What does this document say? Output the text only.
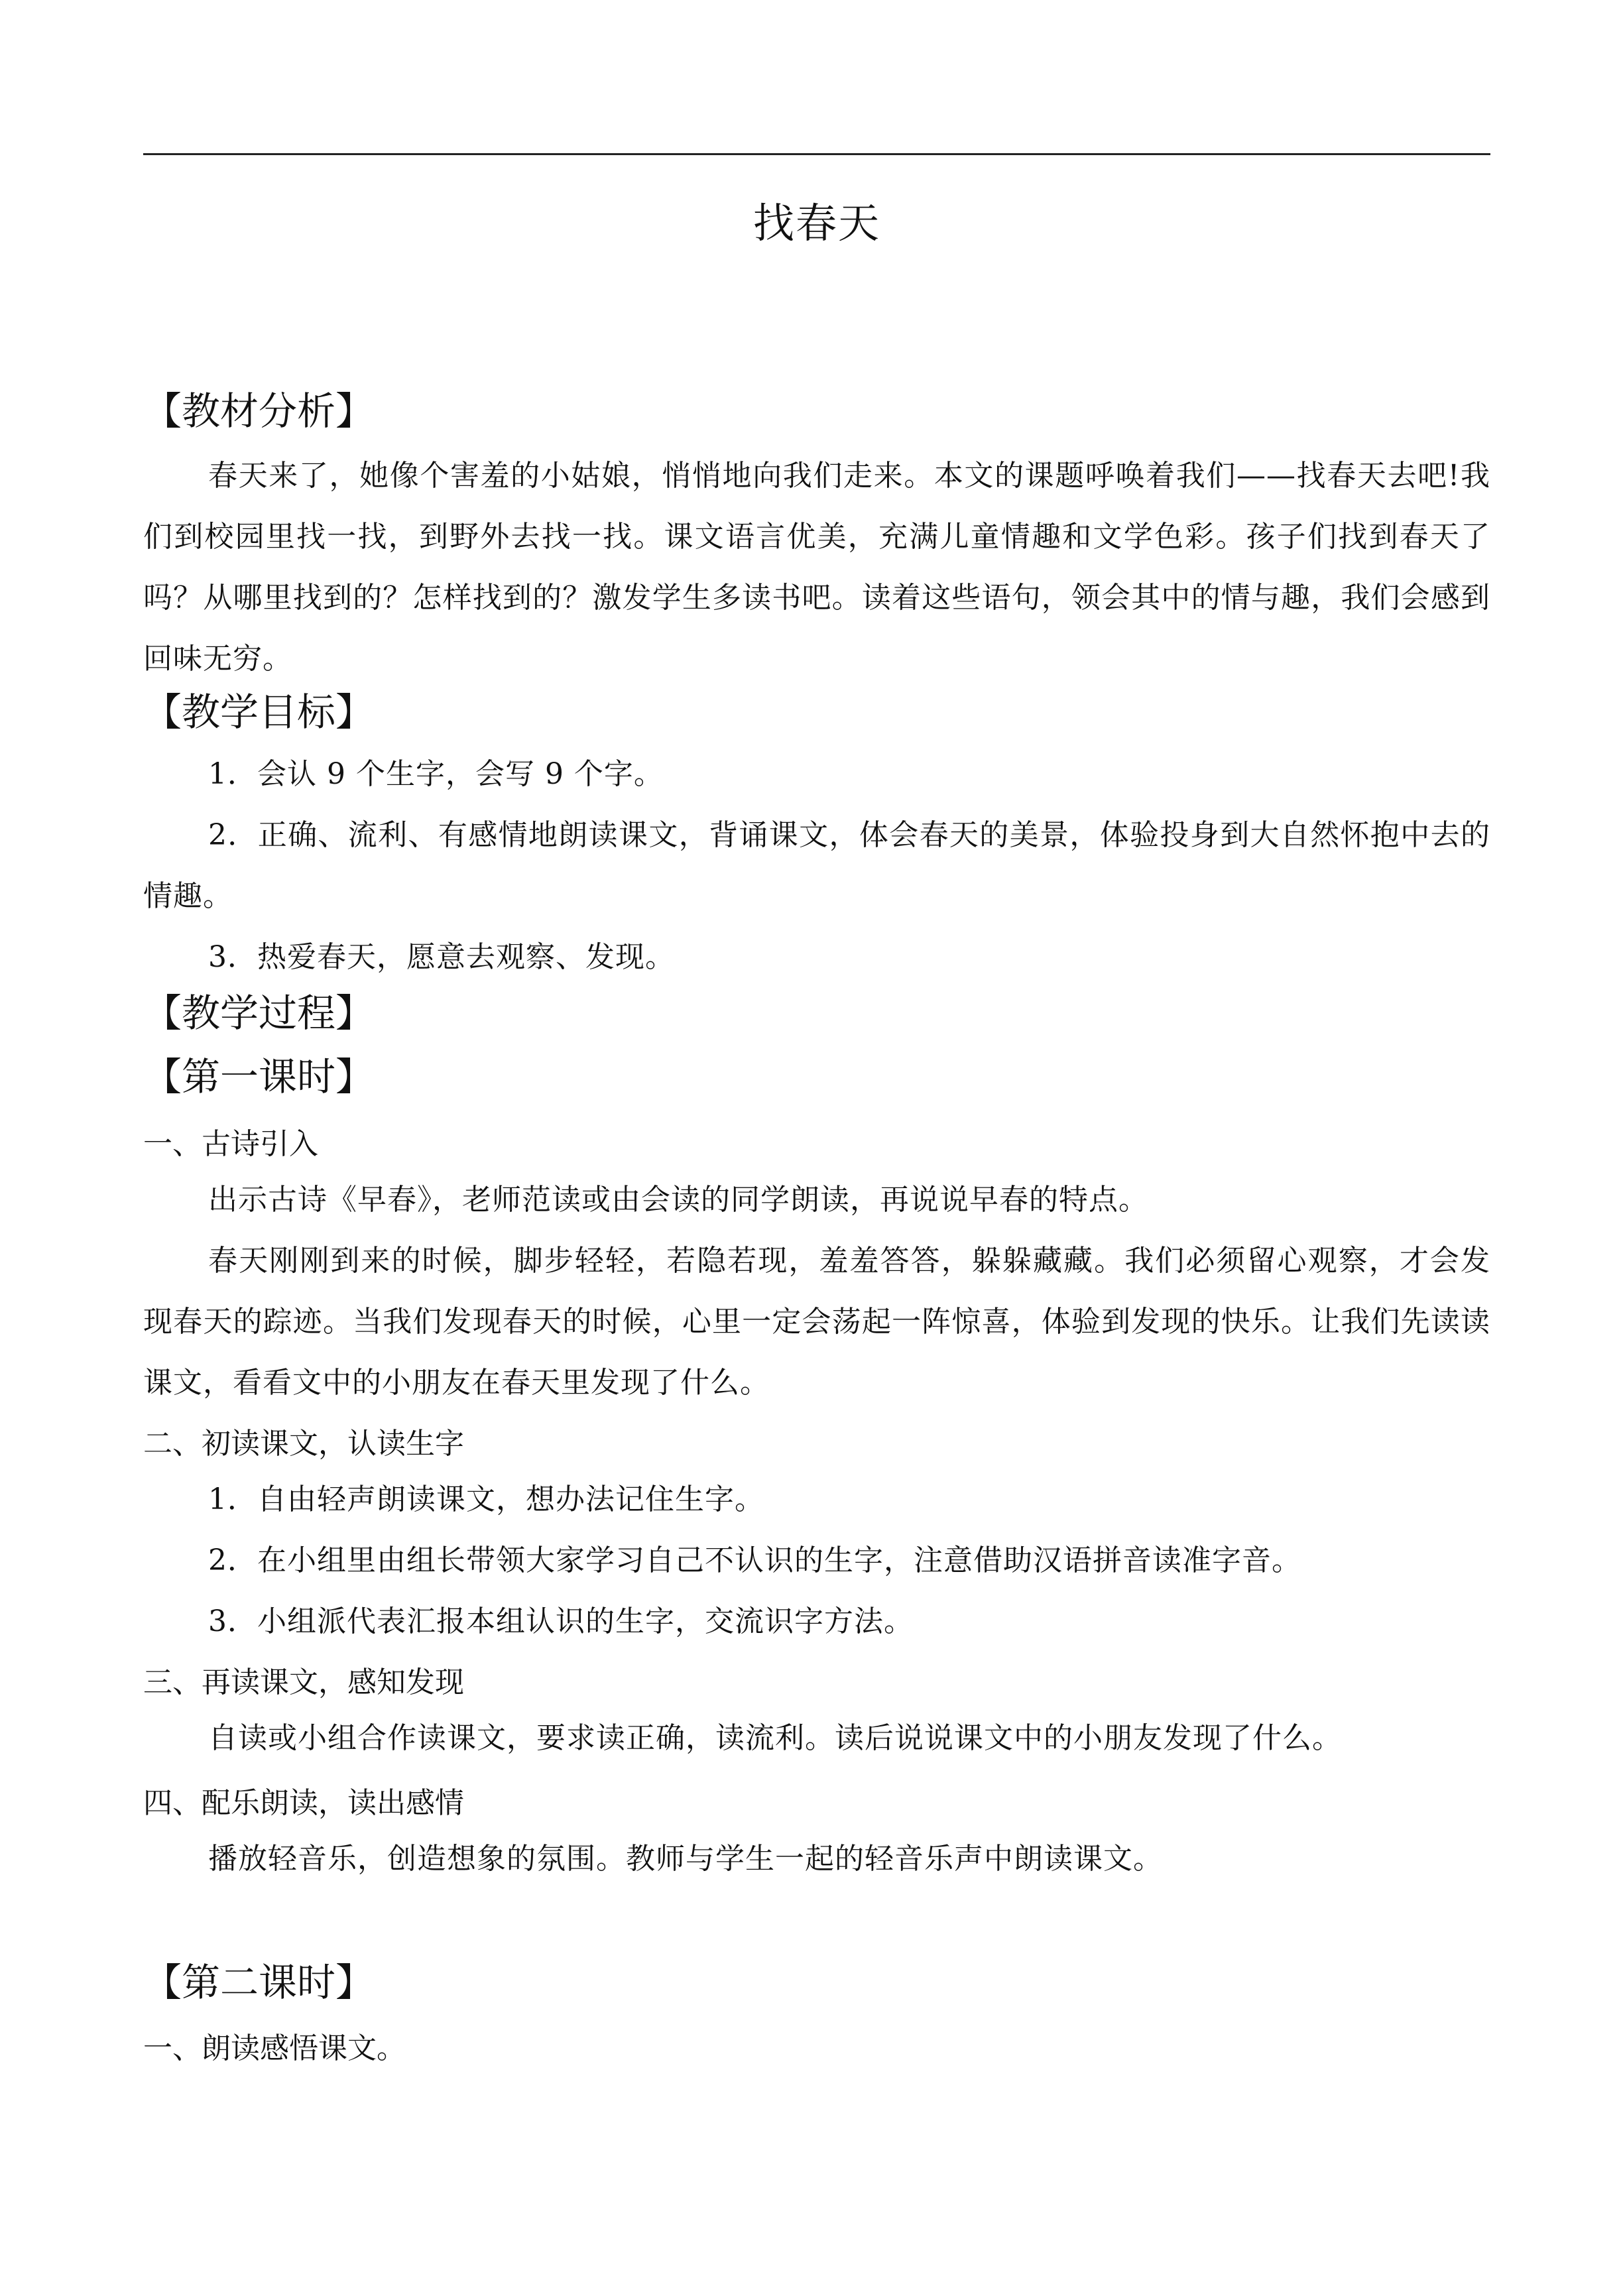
找春天
【教材分析】

春天来了，她像个害羞的小姑娘，悄悄地向我们走来。本文的课题呼唤着我们——找春天去吧!我们到校园里找一找，到野外去找一找。课文语言优美，充满儿童情趣和文学色彩。孩子们找到春天了吗？从哪里找到的？怎样找到的？激发学生多读书吧。读着这些语句，领会其中的情与趣，我们会感到回味无穷。

【教学目标】

1．会认 9 个生字，会写 9 个字。

2．正确、流利、有感情地朗读课文，背诵课文，体会春天的美景，体验投身到大自然怀抱中去的情趣。

3．热爱春天，愿意去观察、发现。

【教学过程】
【第一课时】
一、古诗引入

出示古诗《早春》，老师范读或由会读的同学朗读，再说说早春的特点。

春天刚刚到来的时候，脚步轻轻，若隐若现，羞羞答答，躲躲藏藏。我们必须留心观察，才会发现春天的踪迹。当我们发现春天的时候，心里一定会荡起一阵惊喜，体验到发现的快乐。让我们先读读课文，看看文中的小朋友在春天里发现了什么。

二、初读课文，认读生字

1．自由轻声朗读课文，想办法记住生字。

2．在小组里由组长带领大家学习自己不认识的生字，注意借助汉语拼音读准字音。

3．小组派代表汇报本组认识的生字，交流识字方法。

三、再读课文，感知发现

自读或小组合作读课文，要求读正确，读流利。读后说说课文中的小朋友发现了什么。

四、配乐朗读，读出感情

播放轻音乐，创造想象的氛围。教师与学生一起的轻音乐声中朗读课文。

【第二课时】
一、朗读感悟课文。
